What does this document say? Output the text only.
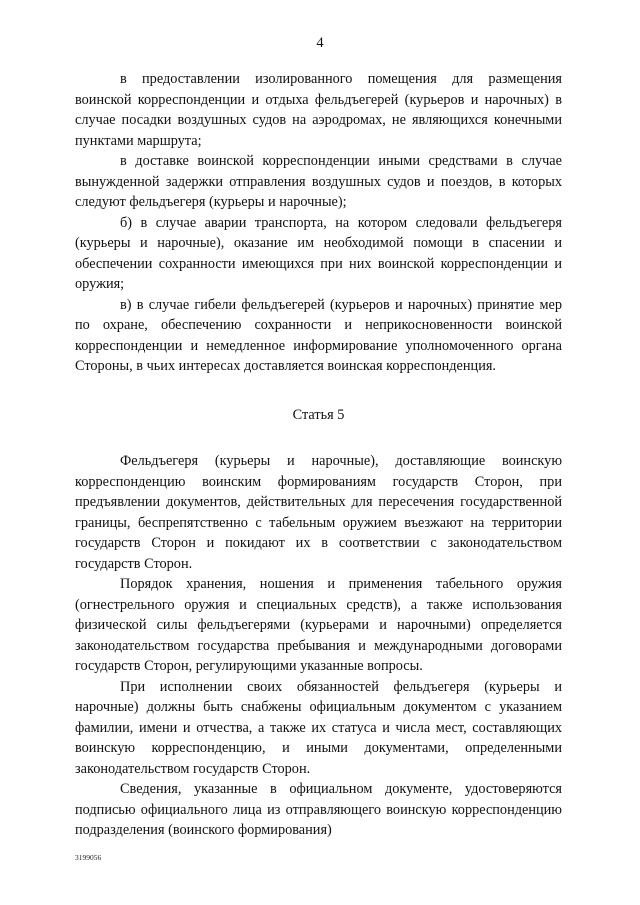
4

в предоставлении изолированного помещения для размещения воинской корреспонденции и отдыха фельдъегерей (курьеров и нарочных) в случае посадки воздушных судов на аэродромах, не являющихся конечными пунктами маршрута;

в доставке воинской корреспонденции иными средствами в случае вынужденной задержки отправления воздушных судов и поездов, в которых следуют фельдъегеря (курьеры и нарочные);

б) в случае аварии транспорта, на котором следовали фельдъегеря (курьеры и нарочные), оказание им необходимой помощи в спасении и обеспечении сохранности имеющихся при них воинской корреспонденции и оружия;

в) в случае гибели фельдъегерей (курьеров и нарочных) принятие мер по охране, обеспечению сохранности и неприкосновенности воинской корреспонденции и немедленное информирование уполномоченного органа Стороны, в чьих интересах доставляется воинская корреспонденция.

Статья 5

Фельдъегеря (курьеры и нарочные), доставляющие воинскую корреспонденцию воинским формированиям государств Сторон, при предъявлении документов, действительных для пересечения государственной границы, беспрепятственно с табельным оружием въезжают на территории государств Сторон и покидают их в соответствии с законодательством государств Сторон.

Порядок хранения, ношения и применения табельного оружия (огнестрельного оружия и специальных средств), а также использования физической силы фельдъегерями (курьерами и нарочными) определяется законодательством государства пребывания и международными договорами государств Сторон, регулирующими указанные вопросы.

При исполнении своих обязанностей фельдъегеря (курьеры и нарочные) должны быть снабжены официальным документом с указанием фамилии, имени и отчества, а также их статуса и числа мест, составляющих воинскую корреспонденцию, и иными документами, определенными законодательством государств Сторон.

Сведения, указанные в официальном документе, удостоверяются подписью официального лица из отправляющего воинскую корреспонденцию подразделения (воинского формирования)

3199056
